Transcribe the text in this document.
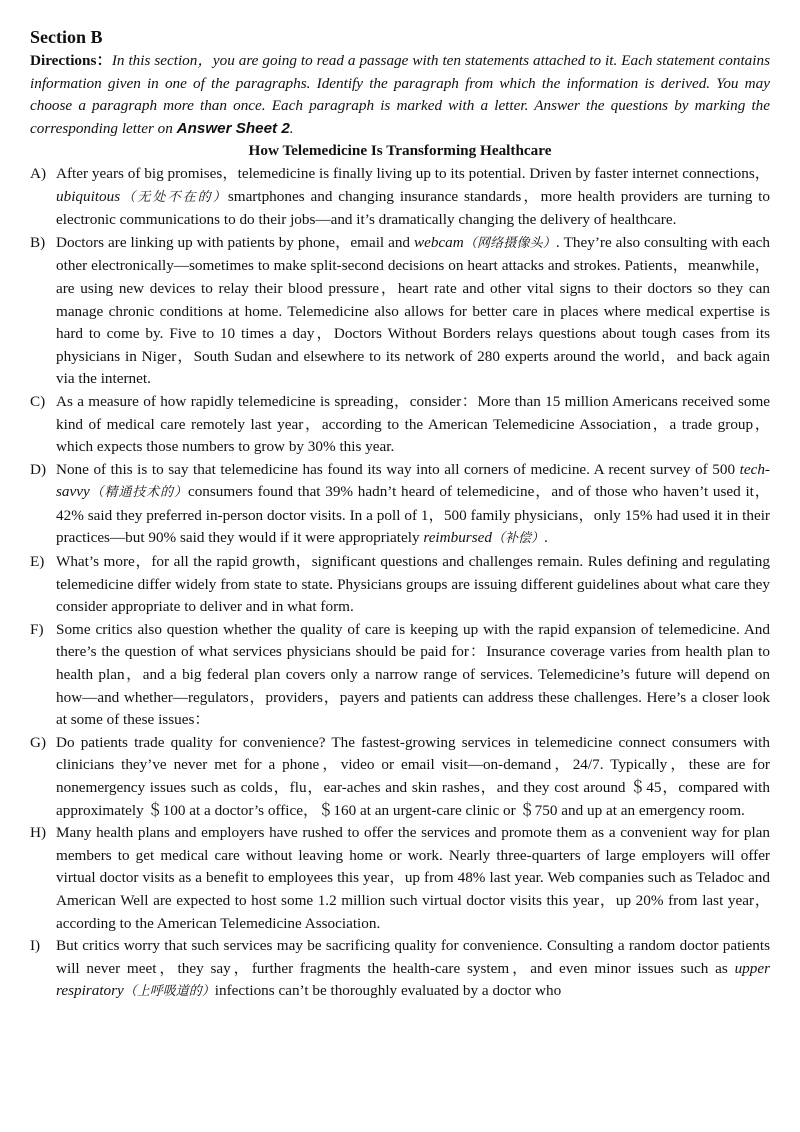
Section B

Directions：In this section，you are going to read a passage with ten statements attached to it. Each statement contains information given in one of the paragraphs. Identify the paragraph from which the information is derived. You may choose a paragraph more than once. Each paragraph is marked with a letter. Answer the questions by marking the corresponding letter on Answer Sheet 2.

How Telemedicine Is Transforming Healthcare

A) After years of big promises，telemedicine is finally living up to its potential. Driven by faster internet connections，ubiquitous（无处不在的）smartphones and changing insurance standards，more health providers are turning to electronic communications to do their jobs—and it’s dramatically changing the delivery of healthcare.
B) Doctors are linking up with patients by phone，email and webcam（网络摄像头）. They’re also consulting with each other electronically—sometimes to make split-second decisions on heart attacks and strokes. Patients，meanwhile，are using new devices to relay their blood pressure，heart rate and other vital signs to their doctors so they can manage chronic conditions at home. Telemedicine also allows for better care in places where medical expertise is hard to come by. Five to 10 times a day，Doctors Without Borders relays questions about tough cases from its physicians in Niger，South Sudan and elsewhere to its network of 280 experts around the world，and back again via the internet.
C) As a measure of how rapidly telemedicine is spreading，consider：More than 15 million Americans received some kind of medical care remotely last year，according to the American Telemedicine Association，a trade group，which expects those numbers to grow by 30% this year.
D) None of this is to say that telemedicine has found its way into all corners of medicine. A recent survey of 500 tech-savvy（精通技术的）consumers found that 39% hadn’t heard of telemedicine，and of those who haven’t used it，42% said they preferred in-person doctor visits. In a poll of 1，500 family physicians，only 15% had used it in their practices—but 90% said they would if it were appropriately reimbursed（补偿）.
E) What’s more，for all the rapid growth，significant questions and challenges remain. Rules defining and regulating telemedicine differ widely from state to state. Physicians groups are issuing different guidelines about what care they consider appropriate to deliver and in what form.
F) Some critics also question whether the quality of care is keeping up with the rapid expansion of telemedicine. And there’s the question of what services physicians should be paid for：Insurance coverage varies from health plan to health plan，and a big federal plan covers only a narrow range of services. Telemedicine’s future will depend on how—and whether—regulators，providers，payers and patients can address these challenges. Here’s a closer look at some of these issues：
G) Do patients trade quality for convenience? The fastest-growing services in telemedicine connect consumers with clinicians they’ve never met for a phone，video or email visit—on-demand，24/7. Typically，these are for nonemergency issues such as colds，flu，ear-aches and skin rashes，and they cost around ＄45，compared with approximately ＄100 at a doctor’s office，＄160 at an urgent-care clinic or ＄750 and up at an emergency room.
H) Many health plans and employers have rushed to offer the services and promote them as a convenient way for plan members to get medical care without leaving home or work. Nearly three-quarters of large employers will offer virtual doctor visits as a benefit to employees this year，up from 48% last year. Web companies such as Teladoc and American Well are expected to host some 1.2 million such virtual doctor visits this year，up 20% from last year，according to the American Telemedicine Association.
I)	But critics worry that such services may be sacrificing quality for convenience. Consulting a random doctor patients will never meet，they say，further fragments the health-care system，and even minor issues such as upper respiratory（上呼吸道的）infections can’t be thoroughly evaluated by a doctor who
